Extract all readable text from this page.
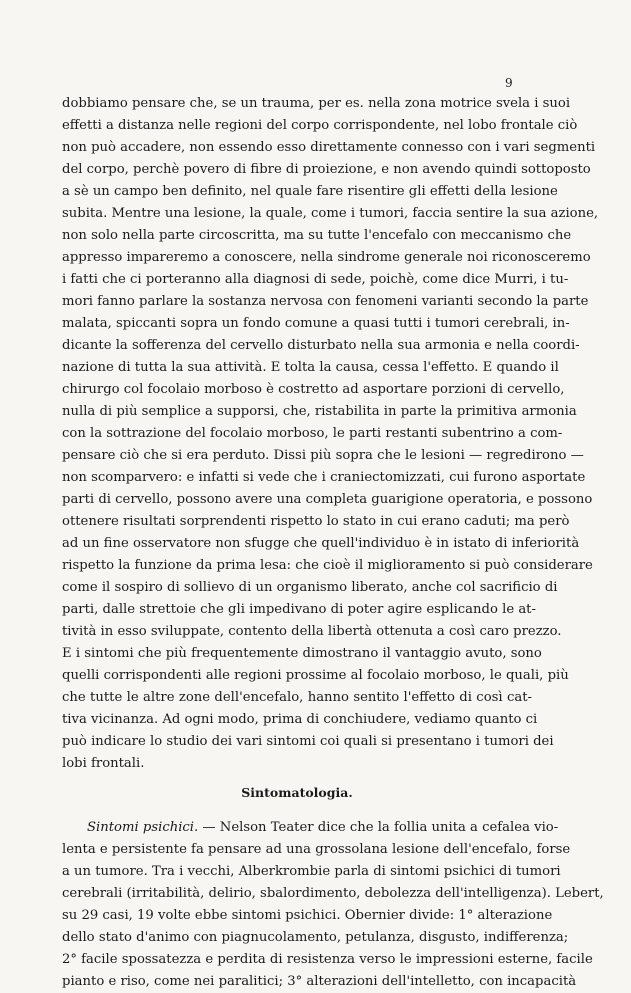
9
dobbiamo pensare che, se un trauma, per es. nella zona motrice svela i suoi
effetti a distanza nelle regioni del corpo corrispondente, nel lobo frontale ciò
non può accadere, non essendo esso direttamente connesso con i vari segmenti
del corpo, perchè povero di fibre di proiezione, e non avendo quindi sottoposto
a sè un campo ben definito, nel quale fare risentire gli effetti della lesione
subita. Mentre una lesione, la quale, come i tumori, faccia sentire la sua azione,
non solo nella parte circoscritta, ma su tutte l'encefalo con meccanismo che
appresso impareremo a conoscere, nella sindrome generale noi riconosceremo
i fatti che ci porteranno alla diagnosi di sede, poichè, come dice Murri, i tu-
mori fanno parlare la sostanza nervosa con fenomeni varianti secondo la parte
malata, spiccanti sopra un fondo comune a quasi tutti i tumori cerebrali, in-
dicante la sofferenza del cervello disturbato nella sua armonia e nella coordi-
nazione di tutta la sua attività. E tolta la causa, cessa l'effetto. E quando il
chirurgo col focolaio morboso è costretto ad asportare porzioni di cervello,
nulla di più semplice a supporsi, che, ristabilita in parte la primitiva armonia
con la sottrazione del focolaio morboso, le parti restanti subentrino a com-
pensare ciò che si era perduto. Dissi più sopra che le lesioni — regredirono —
non scomparvero: e infatti si vede che i craniectomizzati, cui furono asportate
parti di cervello, possono avere una completa guarigione operatoria, e possono
ottenere risultati sorprendenti rispetto lo stato in cui erano caduti; ma però
ad un fine osservatore non sfugge che quell'individuo è in istato di inferiorità
rispetto la funzione da prima lesa: che cioè il miglioramento si può considerare
come il sospiro di sollievo di un organismo liberato, anche col sacrificio di
parti, dalle strettoie che gli impedivano di poter agire esplicando le at-
tività in esso sviluppate, contento della libertà ottenuta a così caro prezzo.
E i sintomi che più frequentemente dimostrano il vantaggio avuto, sono
quelli corrispondenti alle regioni prossime al focolaio morboso, le quali, più
che tutte le altre zone dell'encefalo, hanno sentito l'effetto di così cat-
tiva vicinanza. Ad ogni modo, prima di conchiudere, vediamo quanto ci
può indicare lo studio dei vari sintomi coi quali si presentano i tumori dei
lobi frontali.
Sintomatologia.
Sintomi psichici. — Nelson Teater dice che la follia unita a cefalea vio-
lenta e persistente fa pensare ad una grossolana lesione dell'encefalo, forse
a un tumore. Tra i vecchi, Alberkrombie parla di sintomi psichici di tumori
cerebrali (irritabilità, delirio, sbalordimento, debolezza dell'intelligenza). Lebert,
su 29 casi, 19 volte ebbe sintomi psichici. Obernier divide: 1° alterazione
dello stato d'animo con piagnucolamento, petulanza, disgusto, indifferenza;
2° facile spossatezza e perdita di resistenza verso le impressioni esterne, facile
pianto e riso, come nei paralitici; 3° alterazioni dell'intelletto, con incapacità
